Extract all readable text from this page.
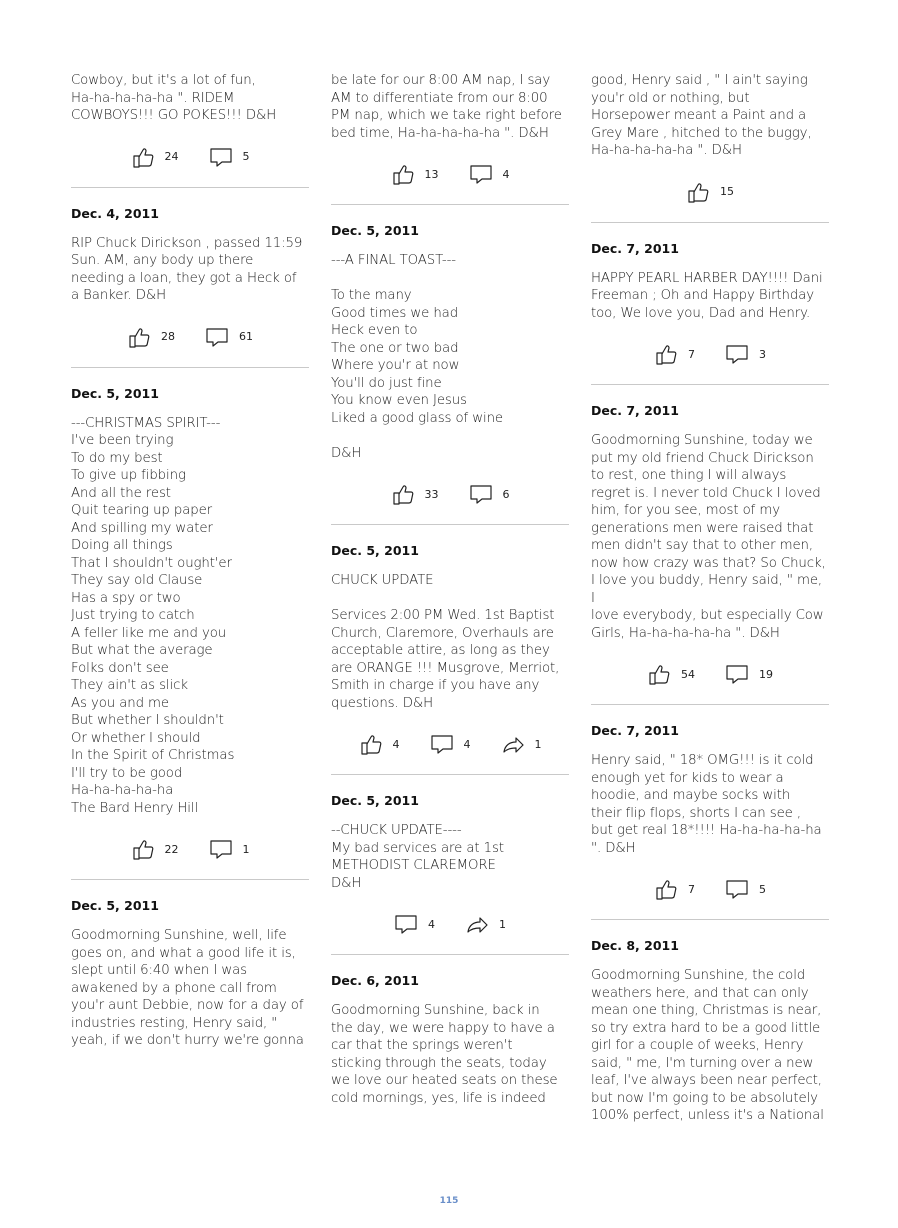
Cowboy, but it's a lot of fun,
Ha-ha-ha-ha-ha ". RIDEM
COWBOYS!!! GO POKES!!! D&H
24	5
Dec. 4, 2011
RIP Chuck Dirickson , passed 11:59
Sun. AM, any body up there
needing a loan, they got a Heck of
a Banker. D&H
28	61
Dec. 5, 2011
---CHRISTMAS SPIRIT---
I've been trying
To do my best
To give up fibbing
And all the rest
Quit tearing up paper
And spilling my water
Doing all things
That I shouldn't ought'er
They say old Clause
Has a spy or two
Just trying to catch
A feller like me and you
But what the average
Folks don't see
They ain't as slick
As you and me
But whether I shouldn't
Or whether I should
In the Spirit of Christmas
I'll try to be good
Ha-ha-ha-ha-ha
The Bard Henry Hill
22	1
Dec. 5, 2011
Goodmorning Sunshine, well, life
goes on, and what a good life it is,
slept until 6:40 when I was
awakened by a phone call from
you'r aunt Debbie, now for a day of
industries resting, Henry said, "
yeah, if we don't hurry we're gonna
be late for our 8:00 AM nap, I say
AM to differentiate from our 8:00
PM nap, which we take right before
bed time, Ha-ha-ha-ha-ha ". D&H
13	4
Dec. 5, 2011
---A FINAL TOAST---

To the many
Good times we had
Heck even to
The one or two bad
Where you'r at now
You'll do just fine
You know even Jesus
Liked a good glass of wine

D&H
33	6
Dec. 5, 2011
CHUCK UPDATE

Services 2:00 PM Wed. 1st Baptist
Church, Claremore, Overhauls are
acceptable attire, as long as they
are ORANGE !!! Musgrove, Merriot,
Smith in charge if you have any
questions. D&H
4	4	1
Dec. 5, 2011
--CHUCK UPDATE----
My bad services are at 1st
METHODIST CLAREMORE
D&H
4	1
Dec. 6, 2011
Goodmorning Sunshine, back in
the day, we were happy to have a
car that the springs weren't
sticking through the seats, today
we love our heated seats on these
cold mornings, yes, life is indeed
good, Henry said , " I ain't saying
you'r old or nothing, but
Horsepower meant a Paint and a
Grey Mare , hitched to the buggy,
Ha-ha-ha-ha-ha ". D&H
15
Dec. 7, 2011
HAPPY PEARL HARBER DAY!!!! Dani
Freeman ; Oh and Happy Birthday
too, We love you, Dad and Henry.
7	3
Dec. 7, 2011
Goodmorning Sunshine, today we
put my old friend Chuck Dirickson
to rest, one thing I will always
regret is. I never told Chuck I loved
him, for you see, most of my
generations men were raised that
men didn't say that to other men,
now how crazy was that? So Chuck,
I love you buddy, Henry said, " me, I
love everybody, but especially Cow
Girls, Ha-ha-ha-ha-ha ". D&H
54	19
Dec. 7, 2011
Henry said, " 18* OMG!!! is it cold
enough yet for kids to wear a
hoodie, and maybe socks with
their flip flops, shorts I can see ,
but get real 18*!!!! Ha-ha-ha-ha-ha
". D&H
7	5
Dec. 8, 2011
Goodmorning Sunshine, the cold
weathers here, and that can only
mean one thing, Christmas is near,
so try extra hard to be a good little
girl for a couple of weeks, Henry
said, " me, I'm turning over a new
leaf, I've always been near perfect,
but now I'm going to be absolutely
100% perfect, unless it's a National
115
